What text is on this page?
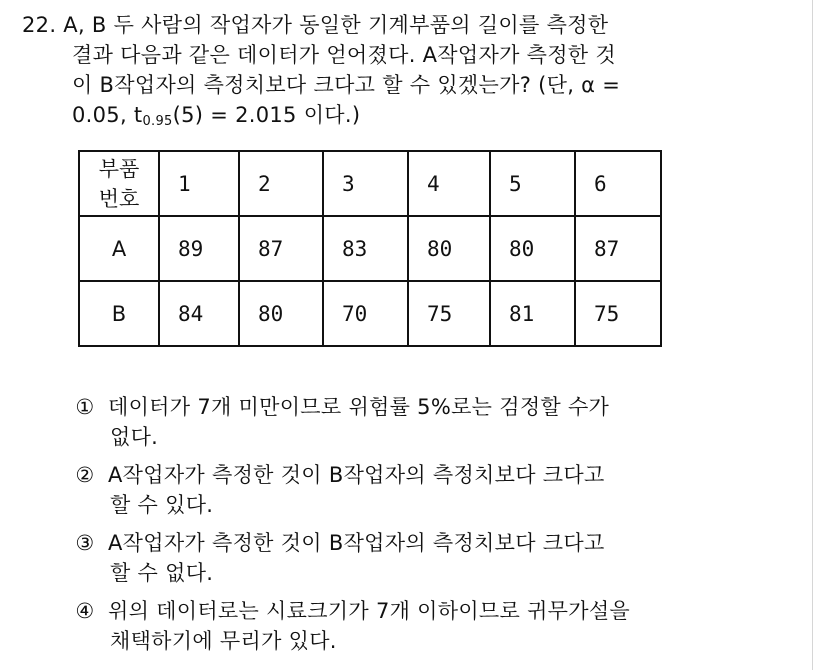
22. A, B 두 사람의 작업자가 동일한 기계부품의 길이를 측정한
결과 다음과 같은 데이터가 얻어졌다. A작업자가 측정한 것
이 B작업자의 측정치보다 크다고 할 수 있겠는가? (단, α =
0.05, $t_{0.95}(5) = 2.015$ 이다.)
부품
번호	1	2	3	4	5	6
A	89	87	83	80	80	87
B	84	80	70	75	81	75
① 데이터가 7개 미만이므로 위험률 5%로는 검정할 수가
없다.
② A작업자가 측정한 것이 B작업자의 측정치보다 크다고
할 수 있다.
③ A작업자가 측정한 것이 B작업자의 측정치보다 크다고
할 수 없다.
④ 위의 데이터로는 시료크기가 7개 이하이므로 귀무가설을
채택하기에 무리가 있다.
